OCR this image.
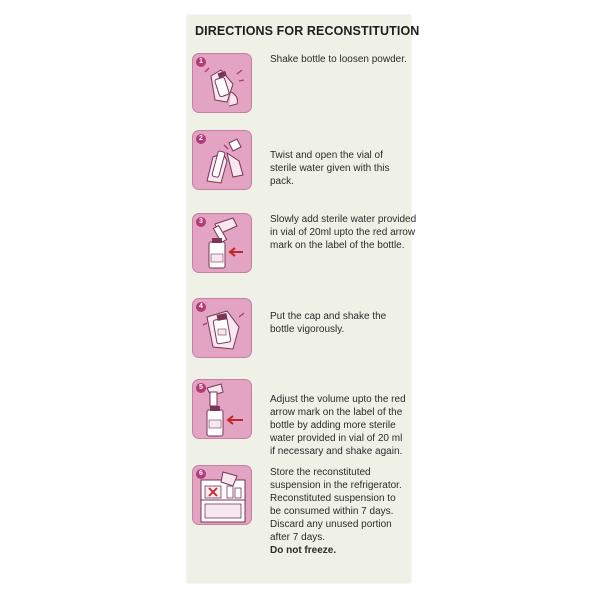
DIRECTIONS FOR RECONSTITUTION
1	Shake bottle to loosen powder.
2
Twist and open the vial of
sterile water given with this
pack.
3	Slowly add sterile water provided
in vial of 20ml upto the red arrow
mark on the label of the bottle.
4
Put the cap and shake the
bottle vigorously.
5
Adjust the volume upto the red
arrow mark on the label of the
bottle by adding more sterile
water provided in vial of 20 ml
if necessary and shake again.
6	Store the reconstituted
suspension in the refrigerator.
Reconstituted suspension to
be consumed within 7 days.
Discard any unused portion
after 7 days.
Do not freeze.
